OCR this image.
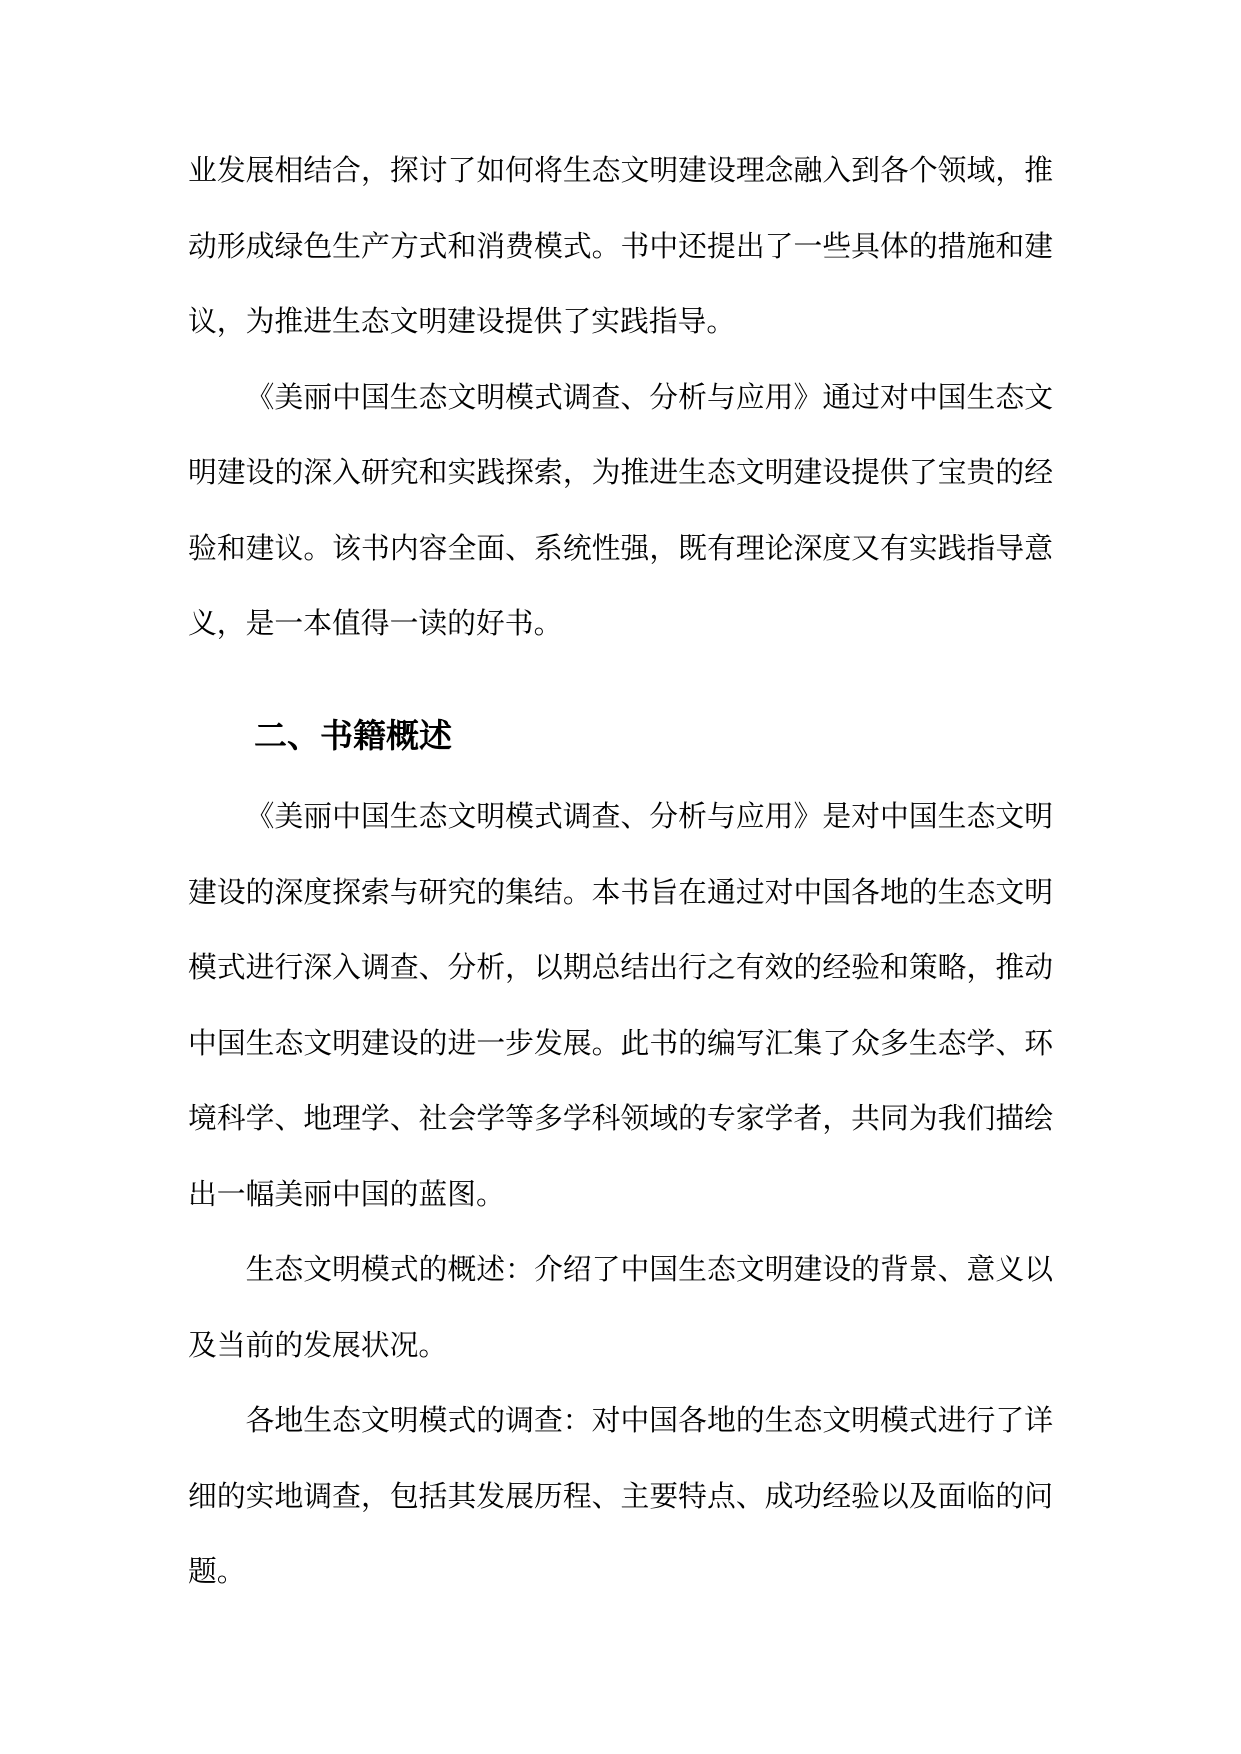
业发展相结合，探讨了如何将生态文明建设理念融入到各个领域，推
动形成绿色生产方式和消费模式。书中还提出了一些具体的措施和建
议，为推进生态文明建设提供了实践指导。
《美丽中国生态文明模式调查、分析与应用》通过对中国生态文
明建设的深入研究和实践探索，为推进生态文明建设提供了宝贵的经
验和建议。该书内容全面、系统性强，既有理论深度又有实践指导意
义，是一本值得一读的好书。
二、书籍概述
《美丽中国生态文明模式调查、分析与应用》是对中国生态文明
建设的深度探索与研究的集结。本书旨在通过对中国各地的生态文明
模式进行深入调查、分析，以期总结出行之有效的经验和策略，推动
中国生态文明建设的进一步发展。此书的编写汇集了众多生态学、环
境科学、地理学、社会学等多学科领域的专家学者，共同为我们描绘
出一幅美丽中国的蓝图。
生态文明模式的概述：介绍了中国生态文明建设的背景、意义以
及当前的发展状况。
各地生态文明模式的调查：对中国各地的生态文明模式进行了详
细的实地调查，包括其发展历程、主要特点、成功经验以及面临的问
题。
